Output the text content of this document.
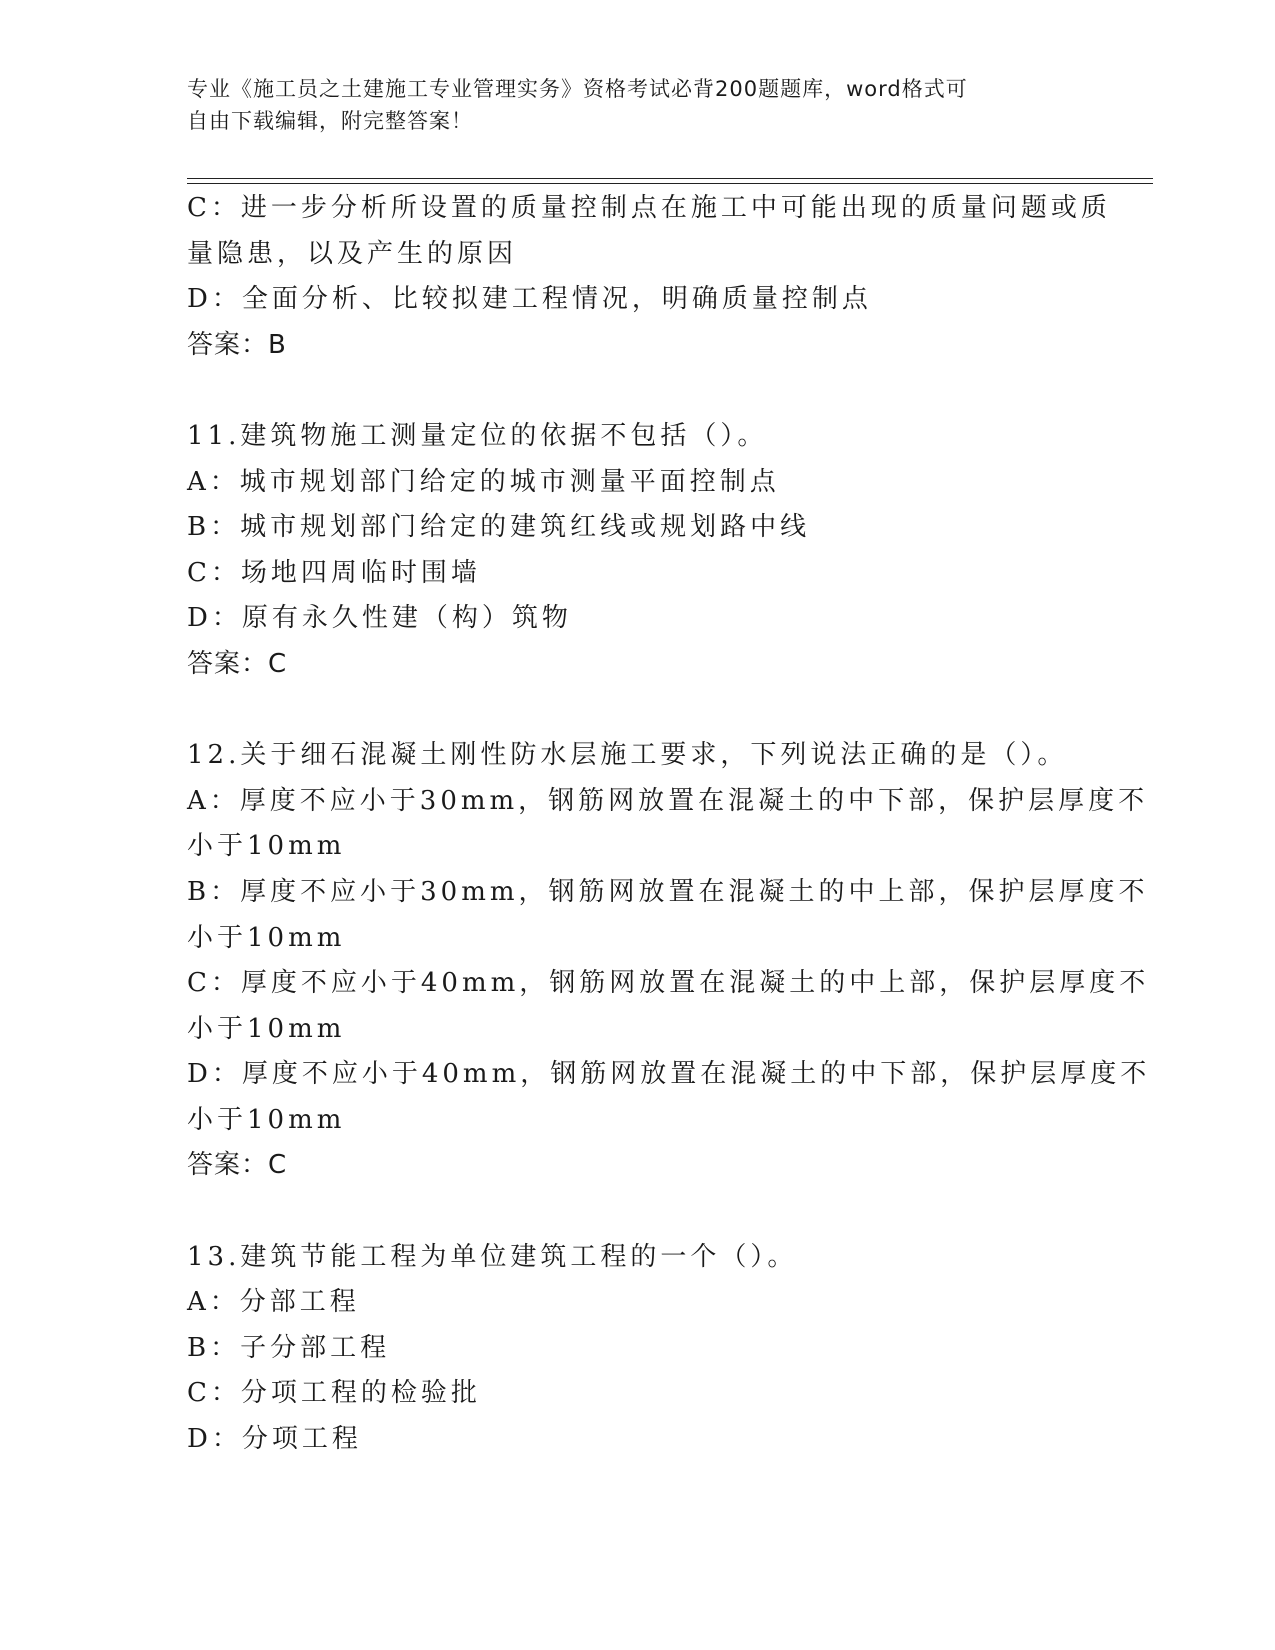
专业《施工员之土建施工专业管理实务》资格考试必背200题题库，word格式可
自由下载编辑，附完整答案！
C：进一步分析所设置的质量控制点在施工中可能出现的质量问题或质
量隐患，以及产生的原因
D：全面分析、比较拟建工程情况，明确质量控制点
答案：B
11.建筑物施工测量定位的依据不包括（）。
A：城市规划部门给定的城市测量平面控制点
B：城市规划部门给定的建筑红线或规划路中线
C：场地四周临时围墙
D：原有永久性建（构）筑物
答案：C
12.关于细石混凝土刚性防水层施工要求，下列说法正确的是（）。
A：厚度不应小于30mm，钢筋网放置在混凝土的中下部，保护层厚度不
小于10mm
B：厚度不应小于30mm，钢筋网放置在混凝土的中上部，保护层厚度不
小于10mm
C：厚度不应小于40mm，钢筋网放置在混凝土的中上部，保护层厚度不
小于10mm
D：厚度不应小于40mm，钢筋网放置在混凝土的中下部，保护层厚度不
小于10mm
答案：C
13.建筑节能工程为单位建筑工程的一个（）。
A：分部工程
B：子分部工程
C：分项工程的检验批
D：分项工程
